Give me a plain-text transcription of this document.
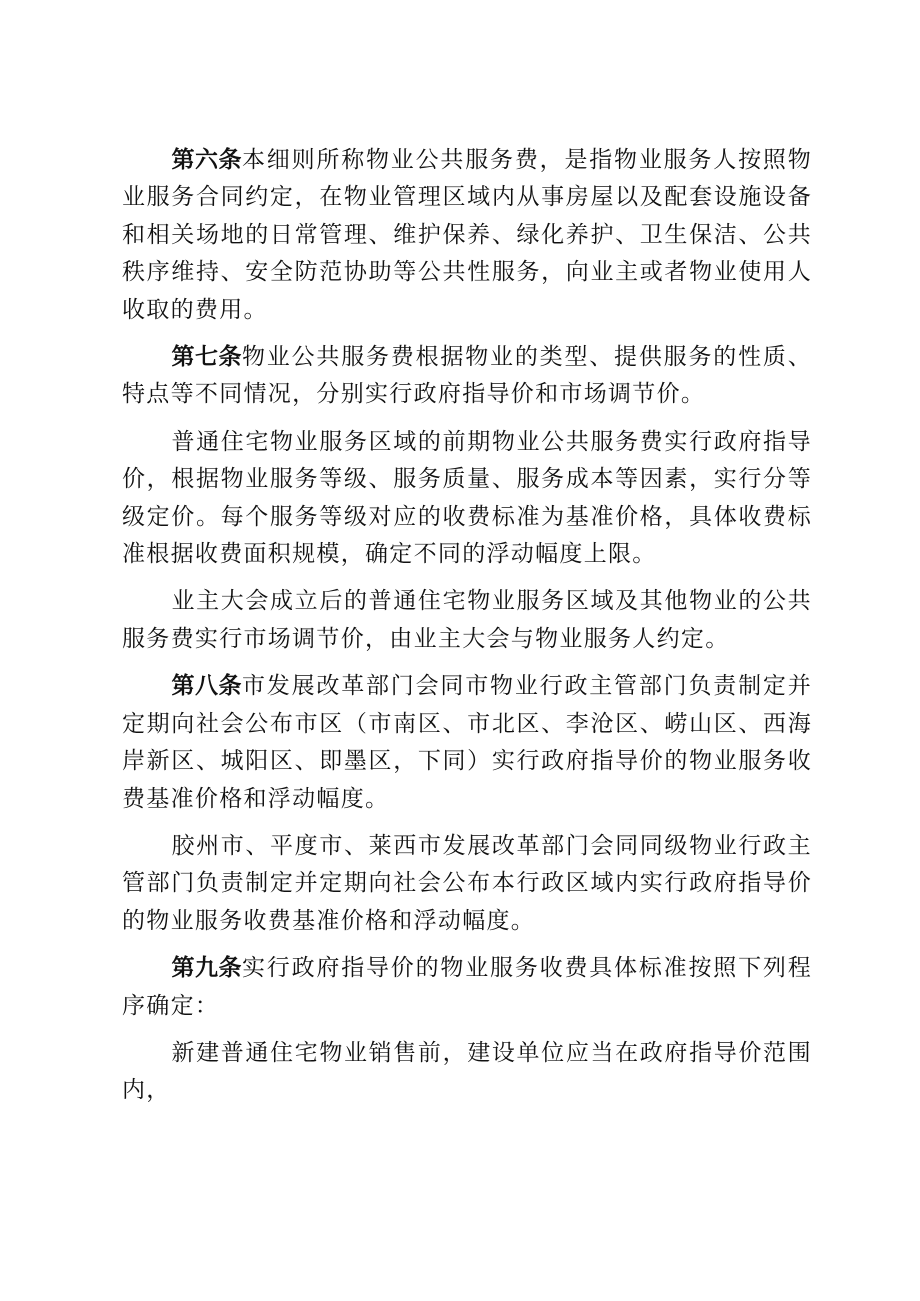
第六条本细则所称物业公共服务费，是指物业服务人按照物业服务合同约定，在物业管理区域内从事房屋以及配套设施设备和相关场地的日常管理、维护保养、绿化养护、卫生保洁、公共秩序维持、安全防范协助等公共性服务，向业主或者物业使用人收取的费用。

第七条物业公共服务费根据物业的类型、提供服务的性质、特点等不同情况，分别实行政府指导价和市场调节价。

普通住宅物业服务区域的前期物业公共服务费实行政府指导价，根据物业服务等级、服务质量、服务成本等因素，实行分等级定价。每个服务等级对应的收费标准为基准价格，具体收费标准根据收费面积规模，确定不同的浮动幅度上限。

业主大会成立后的普通住宅物业服务区域及其他物业的公共服务费实行市场调节价，由业主大会与物业服务人约定。

第八条市发展改革部门会同市物业行政主管部门负责制定并定期向社会公布市区（市南区、市北区、李沧区、崂山区、西海岸新区、城阳区、即墨区，下同）实行政府指导价的物业服务收费基准价格和浮动幅度。

胶州市、平度市、莱西市发展改革部门会同同级物业行政主管部门负责制定并定期向社会公布本行政区域内实行政府指导价的物业服务收费基准价格和浮动幅度。

第九条实行政府指导价的物业服务收费具体标准按照下列程序确定：

新建普通住宅物业销售前，建设单位应当在政府指导价范围内，
